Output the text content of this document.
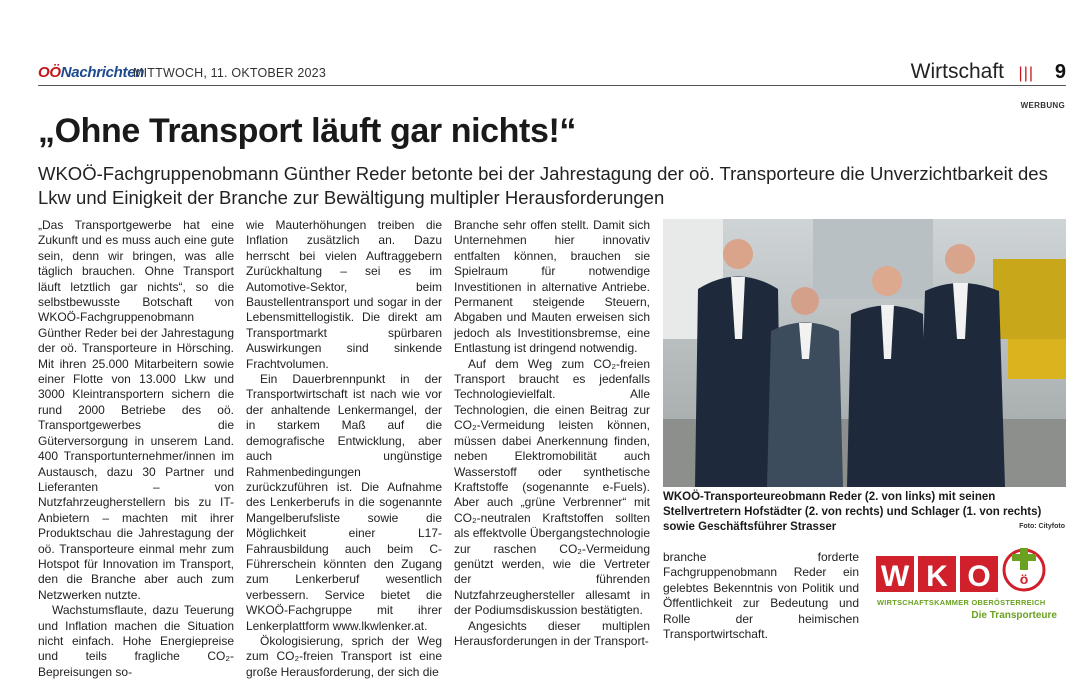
OÖNachrichten
MITTWOCH, 11. OKTOBER 2023	Wirtschaft ||| 9
WERBUNG
„Ohne Transport läuft gar nichts!“

WKOÖ-Fachgruppenobmann Günther Reder betonte bei der Jahrestagung der oö. Transporteure die Unverzichtbarkeit des Lkw und Einigkeit der Branche zur Bewältigung multipler Herausforderungen

„Das Transportgewerbe hat eine Zukunft und es muss auch eine gute sein, denn wir bringen, was alle täglich brauchen. Ohne Transport läuft letztlich gar nichts“, so die selbstbewusste Botschaft von WKOÖ-Fachgruppenobmann Günther Reder bei der Jahrestagung der oö. Transporteure in Hörsching. Mit ihren 25.000 Mitarbeitern sowie einer Flotte von 13.000 Lkw und 3000 Kleintransportern sichern die rund 2000 Betriebe des oö. Transportgewerbes die Güterversorgung in unserem Land. 400 Transportunternehmer/innen im Austausch, dazu 30 Partner und Lieferanten – von Nutzfahrzeugherstellern bis zu IT-Anbietern – machten mit ihrer Produktschau die Jahrestagung der oö. Transporteure einmal mehr zum Hotspot für Innovation im Transport, den die Branche aber auch zum Netzwerken nutzte.

Wachstumsflaute, dazu Teuerung und Inflation machen die Situation nicht einfach. Hohe Energiepreise und teils fragliche CO₂-Bepreisungen so-

wie Mauterhöhungen treiben die Inflation zusätzlich an. Dazu herrscht bei vielen Auftraggebern Zurückhaltung – sei es im Automotive-Sektor, beim Baustellentransport und sogar in der Lebensmittellogistik. Die direkt am Transportmarkt spürbaren Auswirkungen sind sinkende Frachtvolumen.

Ein Dauerbrennpunkt in der Transportwirtschaft ist nach wie vor der anhaltende Lenkermangel, der in starkem Maß auf die demografische Entwicklung, aber auch ungünstige Rahmenbedingungen zurückzuführen ist. Die Aufnahme des Lenkerberufs in die sogenannte Mangelberufsliste sowie die Möglichkeit einer L17-Fahrausbildung auch beim C-Führerschein könnten den Zugang zum Lenkerberuf wesentlich verbessern. Service bietet die WKOÖ-Fachgruppe mit ihrer Lenkerplattform www.lkwlenker.at.

Ökologisierung, sprich der Weg zum CO₂-freien Transport ist eine große Herausforderung, der sich die

Branche sehr offen stellt. Damit sich Unternehmen hier innovativ entfalten können, brauchen sie Spielraum für notwendige Investitionen in alternative Antriebe. Permanent steigende Steuern, Abgaben und Mauten erweisen sich jedoch als Investitionsbremse, eine Entlastung ist dringend notwendig.

Auf dem Weg zum CO₂-freien Transport braucht es jedenfalls Technologievielfalt. Alle Technologien, die einen Beitrag zur CO₂-Vermeidung leisten können, müssen dabei Anerkennung finden, neben Elektromobilität auch Wasserstoff oder synthetische Kraftstoffe (sogenannte e-Fuels). Aber auch „grüne Verbrenner“ mit CO₂-neutralen Kraftstoffen sollten als effektvolle Übergangstechnologie zur raschen CO₂-Vermeidung genützt werden, wie die Vertreter der führenden Nutzfahrzeughersteller allesamt in der Podiumsdiskussion bestätigten.

Angesichts dieser multiplen Herausforderungen in der Transport-

WKOÖ-Transporteureobmann Reder (2. von links) mit seinen Stellvertretern Hofstädter (2. von rechts) und Schlager (1. von rechts) sowie Geschäftsführer Strasser	Foto: Cityfoto

branche forderte Fachgruppenobmann Reder ein gelebtes Bekenntnis von Politik und Öffentlichkeit zur Bedeutung und Rolle der heimischen Transportwirtschaft.

W K O ö
WIRTSCHAFTSKAMMER OBERÖSTERREICH
Die Transporteure
